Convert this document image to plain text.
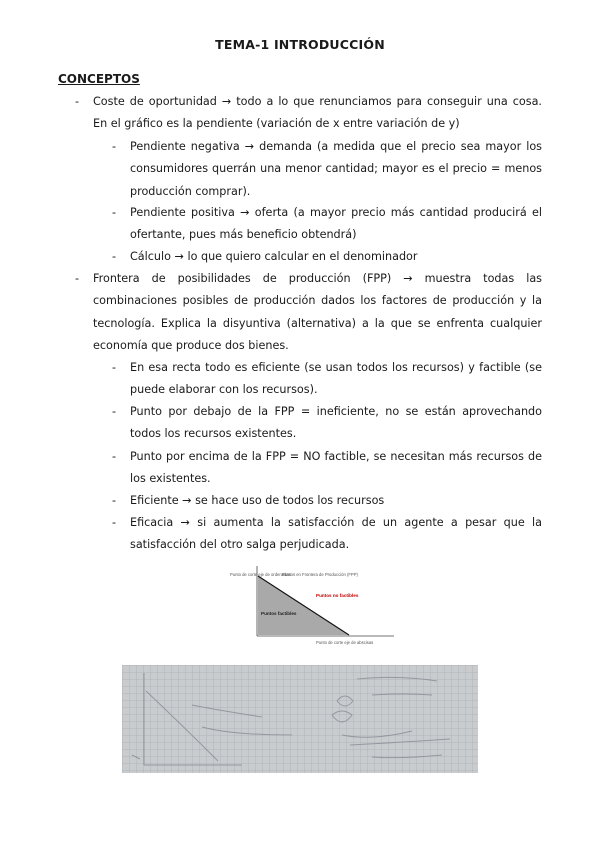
TEMA-1 INTRODUCCIÓN
CONCEPTOS
- Coste de oportunidad → todo a lo que renunciamos para conseguir una cosa. En el gráfico es la pendiente (variación de x entre variación de y)
- Pendiente negativa → demanda (a medida que el precio sea mayor los consumidores querrán una menor cantidad; mayor es el precio = menos producción comprar).
- Pendiente positiva → oferta (a mayor precio más cantidad producirá el ofertante, pues más beneficio obtendrá)
- Cálculo → lo que quiero calcular en el denominador
- Frontera de posibilidades de producción (FPP) → muestra todas las combinaciones posibles de producción dados los factores de producción y la tecnología. Explica la disyuntiva (alternativa) a la que se enfrenta cualquier economía que produce dos bienes.
- En esa recta todo es eficiente (se usan todos los recursos) y factible (se puede elaborar con los recursos).
- Punto por debajo de la FPP = ineficiente, no se están aprovechando todos los recursos existentes.
- Punto por encima de la FPP = NO factible, se necesitan más recursos de los existentes.
- Eficiente → se hace uso de todos los recursos
- Eficacia → si aumenta la satisfacción de un agente a pesar que la satisfacción del otro salga perjudicada.
Punto de corte eje de ordenadas
Puntos en Frontera de Producción (FPP)
Puntos no factibles
Puntos factibles
Punto de corte eje de abscisas
